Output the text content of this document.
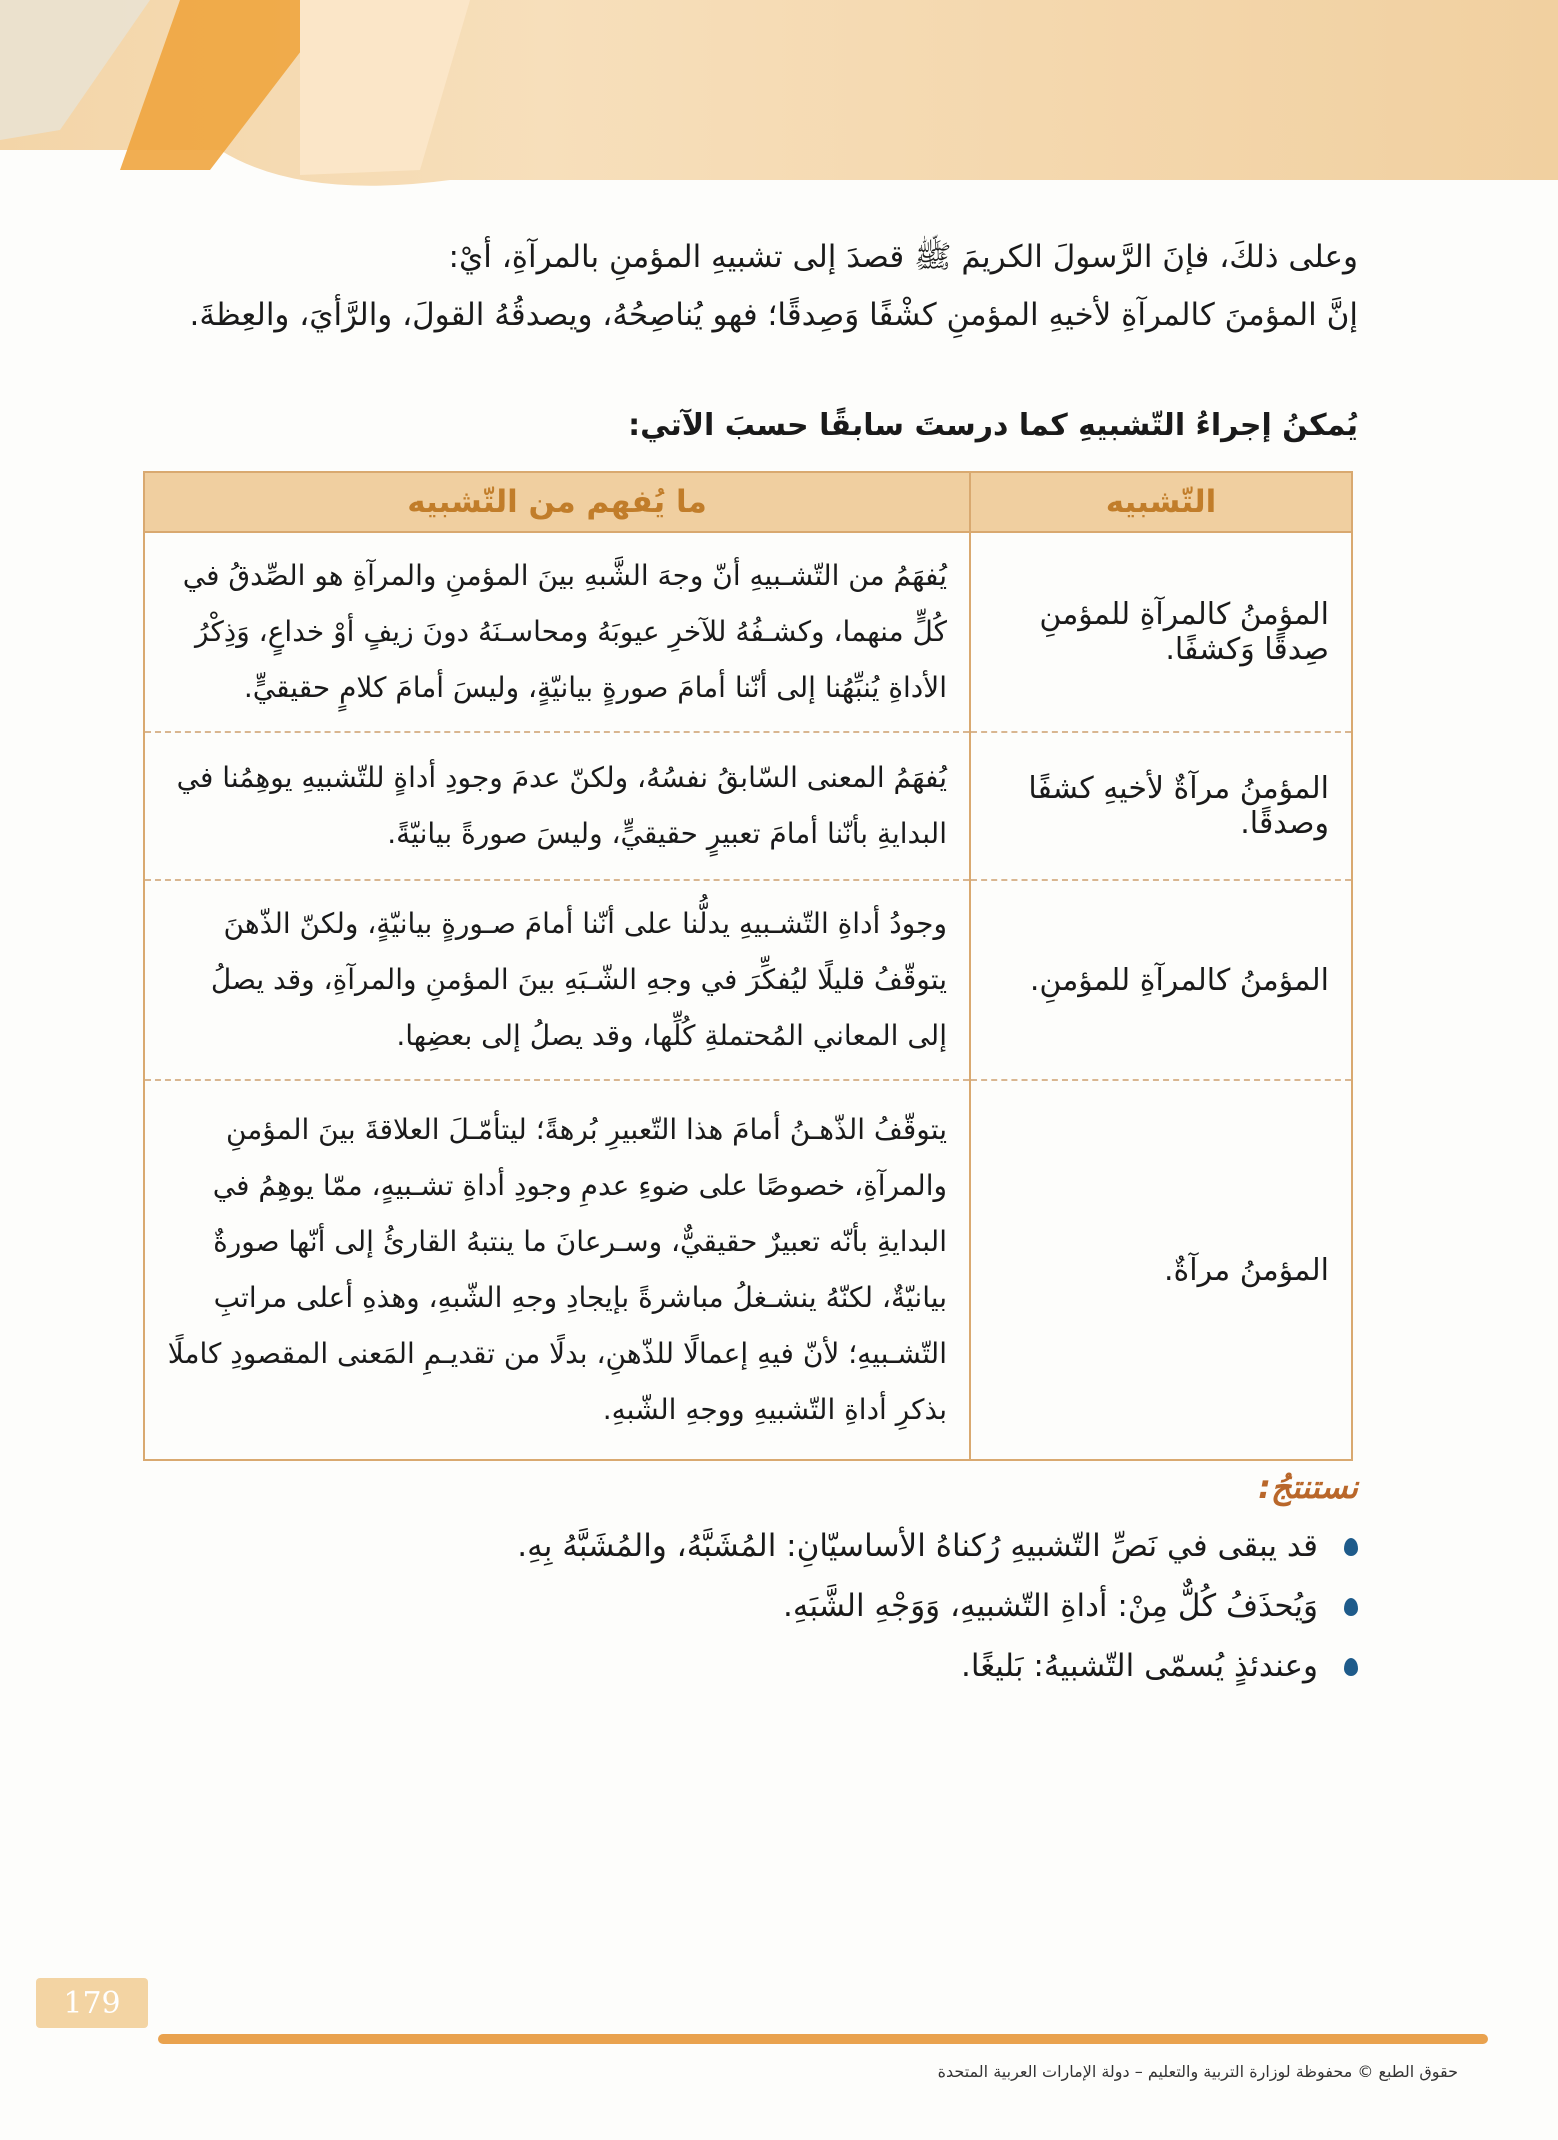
وعلى ذلكَ، فإنَ الرَّسولَ الكريمَ ﷺ قصدَ إلى تشبيهِ المؤمنِ بالمرآةِ، أيْ:

إنَّ المؤمنَ كالمرآةِ لأخيهِ المؤمنِ كشْفًا وَصِدقًا؛ فهو يُناصِحُهُ، ويصدقُهُ القولَ، والرَّأيَ، والعِظةَ.

يُمكنُ إجراءُ التّشبيهِ كما درستَ سابقًا حسبَ الآتي:
التّشبيه	ما يُفهم من التّشبيه
المؤمنُ كالمرآةِ للمؤمنِ صِدقًا وَكشفًا.	يُفهَمُ من التّشـبيهِ أنّ وجهَ الشَّبهِ بينَ المؤمنِ والمرآةِ هو الصِّدقُ في كُلٍّ منهما، وكشـفُهُ للآخرِ عيوبَهُ ومحاسـنَهُ دونَ زيفٍ أوْ خداعٍ، وَذِكْرُ الأداةِ يُنبِّهُنا إلى أنّنا أمامَ صورةٍ بيانيّةٍ، وليسَ أمامَ كلامٍ حقيقيٍّ.
المؤمنُ مرآةٌ لأخيهِ كشفًا وصدقًا.	يُفهَمُ المعنى السّابقُ نفسُهُ، ولكنّ عدمَ وجودِ أداةٍ للتّشبيهِ يوهِمُنا في البدايةِ بأنّنا أمامَ تعبيرٍ حقيقيٍّ، وليسَ صورةً بيانيّةً.
المؤمنُ كالمرآةِ للمؤمنِ.	وجودُ أداةِ التّشـبيهِ يدلُّنا على أنّنا أمامَ صـورةٍ بيانيّةٍ، ولكنّ الذّهنَ يتوقّفُ قليلًا ليُفكِّرَ في وجهِ الشّـبَهِ بينَ المؤمنِ والمرآةِ، وقد يصلُ إلى المعاني المُحتملةِ كُلِّها، وقد يصلُ إلى بعضِها.
المؤمنُ مرآةٌ.	يتوقّفُ الذّهـنُ أمامَ هذا التّعبيرِ بُرهةً؛ ليتأمّـلَ العلاقةَ بينَ المؤمنِ والمرآةِ، خصوصًا على ضوءِ عدمِ وجودِ أداةِ تشـبيهٍ، ممّا يوهِمُ في البدايةِ بأنّه تعبيرٌ حقيقيٌّ، وسـرعانَ ما ينتبهُ القارئُ إلى أنّها صورةٌ بيانيّةٌ، لكنّهُ ينشـغلُ مباشرةً بإيجادِ وجهِ الشّبهِ، وهذهِ أعلى مراتبِ التّشـبيهِ؛ لأنّ فيهِ إعمالًا للذّهنِ، بدلًا من تقديـمِ المَعنى المقصودِ كاملًا بذكرِ أداةِ التّشبيهِ ووجهِ الشّبهِ.
نستنتجُ:
قد يبقى في نَصِّ التّشبيهِ رُكناهُ الأساسيّانِ: المُشَبَّهُ، والمُشَبَّهُ بِهِ.
وَيُحذَفُ كُلٌّ مِنْ: أداةِ التّشبيهِ، وَوَجْهِ الشَّبَهِ.
وعندئذٍ يُسمّى التّشبيهُ: بَليغًا.
179
حقوق الطبع © محفوظة لوزارة التربية والتعليم – دولة الإمارات العربية المتحدة
